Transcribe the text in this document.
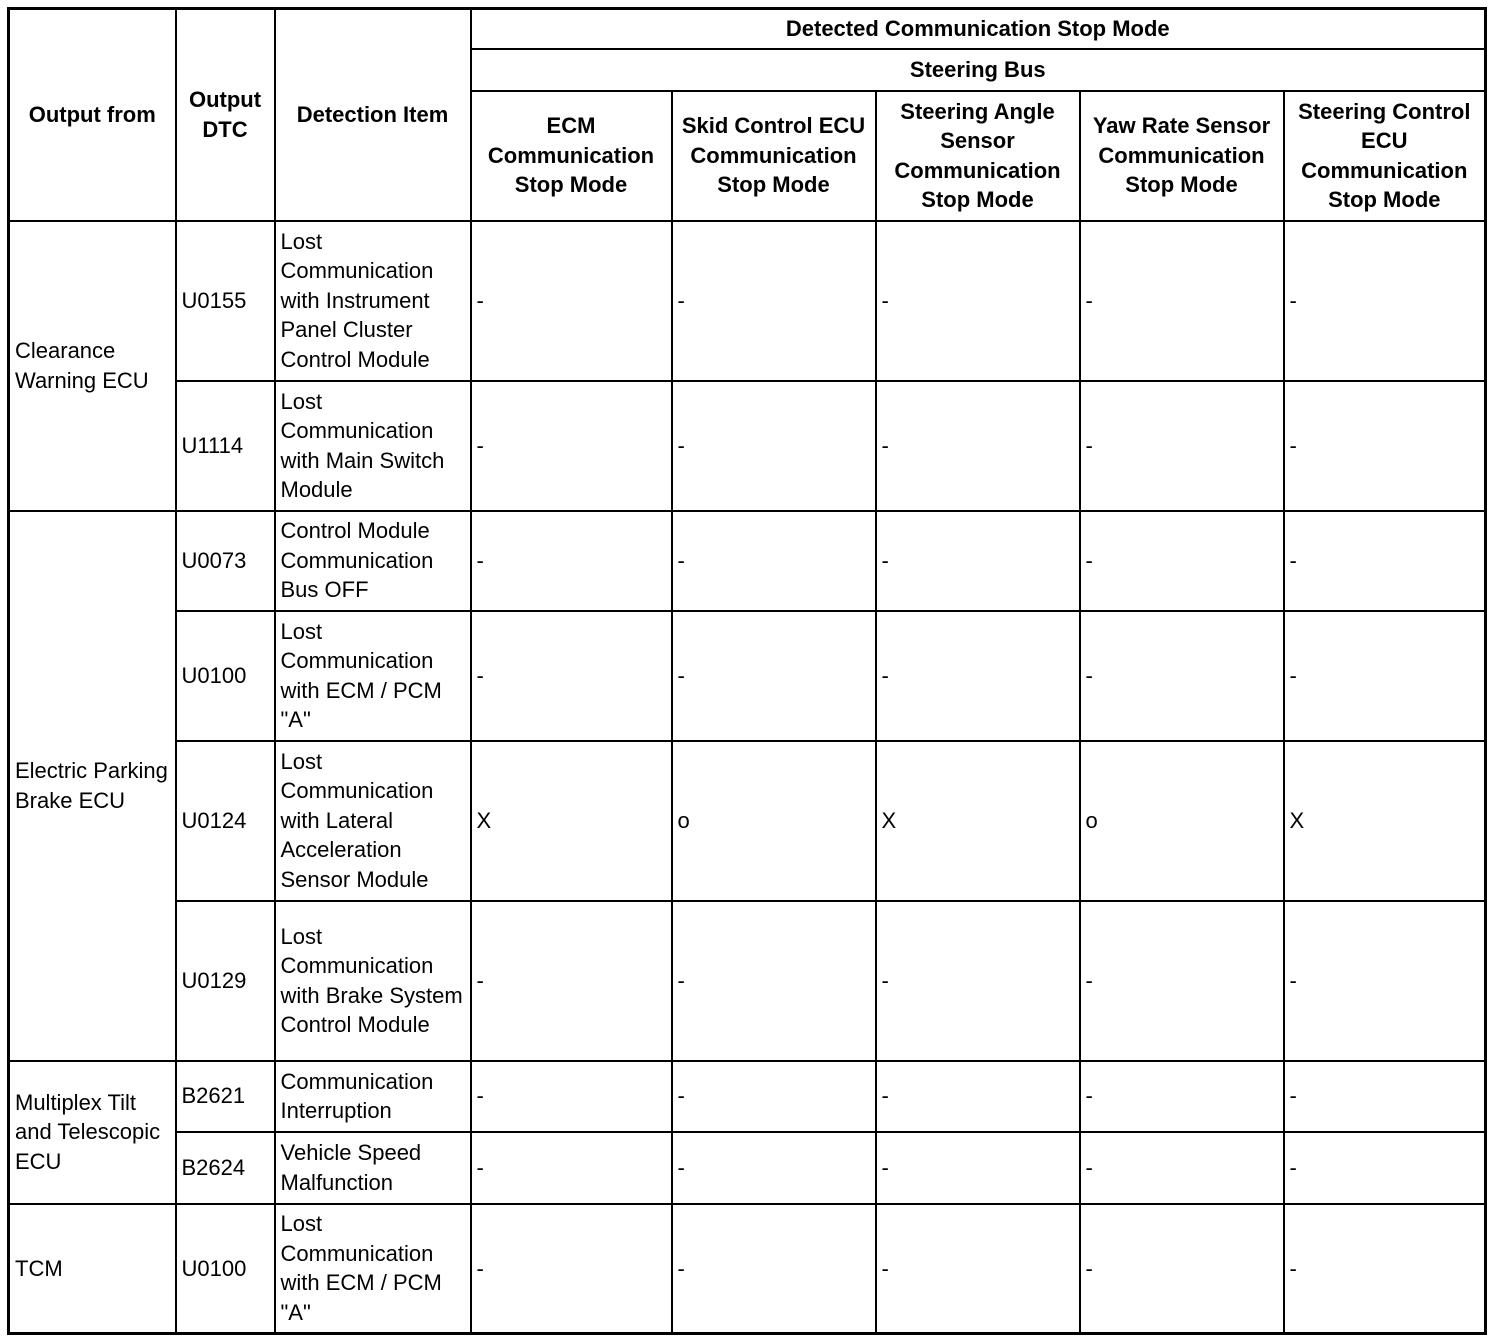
Output from	Output DTC	Detection Item	Detected Communication Stop Mode				
			Steering Bus				
			ECM Communication Stop Mode	Skid Control ECU Communication Stop Mode	Steering Angle Sensor Communication Stop Mode	Yaw Rate Sensor Communication Stop Mode	Steering Control ECU Communication Stop Mode
Clearance Warning ECU	U0155	Lost Communication with Instrument Panel Cluster Control Module	-	-	-	-	-
	U1114	Lost Communication with Main Switch Module	-	-	-	-	-
Electric Parking Brake ECU	U0073	Control Module Communication Bus OFF	-	-	-	-	-
	U0100	Lost Communication with ECM / PCM "A"	-	-	-	-	-
	U0124	Lost Communication with Lateral Acceleration Sensor Module	X	o	X	o	X
	U0129	Lost Communication with Brake System Control Module	-	-	-	-	-
Multiplex Tilt and Telescopic ECU	B2621	Communication Interruption	-	-	-	-	-
	B2624	Vehicle Speed Malfunction	-	-	-	-	-
TCM	U0100	Lost Communication with ECM / PCM "A"	-	-	-	-	-
